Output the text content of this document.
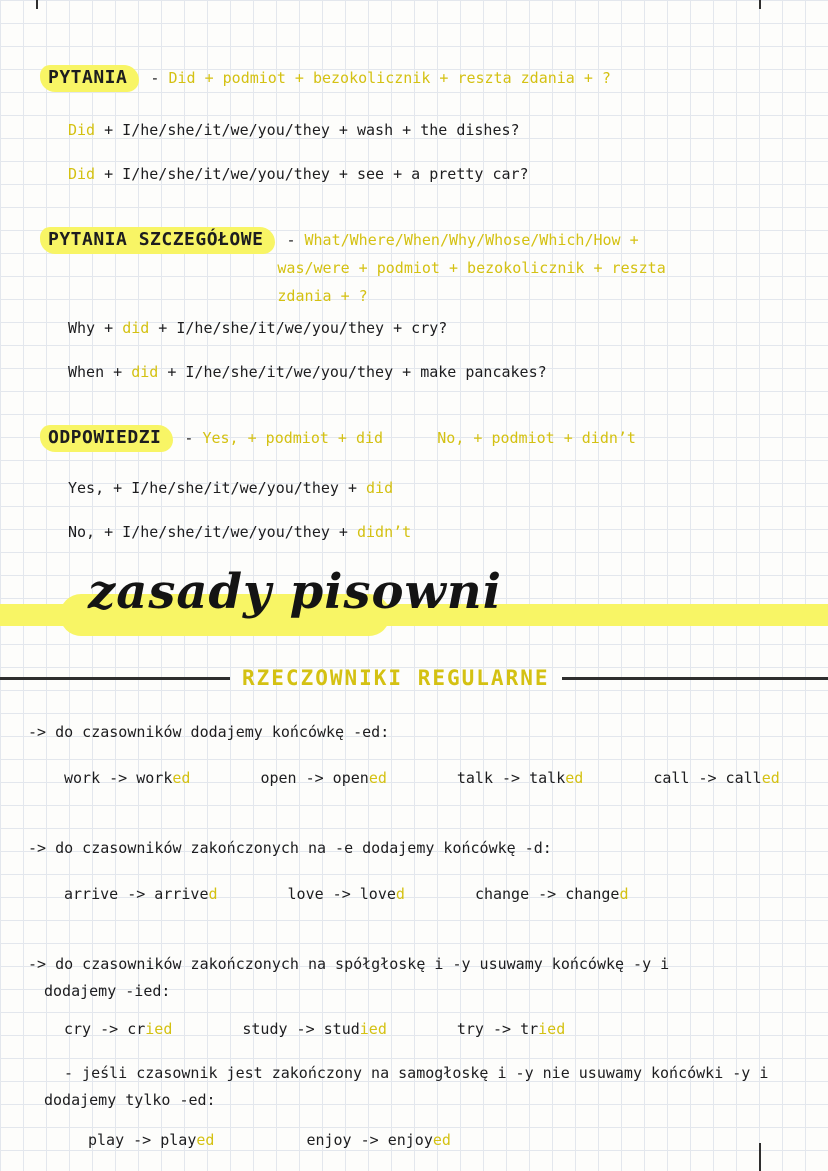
PYTANIA - Did + podmiot + bezokolicznik + reszta zdania + ?
Did + I/he/she/it/we/you/they + wash + the dishes?
Did + I/he/she/it/we/you/they + see + a pretty car?
PYTANIA SZCZEGÓŁOWE - What/Where/When/Why/Whose/Which/How +
was/were + podmiot + bezokolicznik + reszta
zdania + ?
Why + did + I/he/she/it/we/you/they + cry?
When + did + I/he/she/it/we/you/they + make pancakes?
ODPOWIEDZI - Yes, + podmiot + did	No, + podmiot + didn’t
Yes, + I/he/she/it/we/you/they + did
No, + I/he/she/it/we/you/they + didn’t
zasady pisowni
RZECZOWNIKI REGULARNE
-> do czasowników dodajemy końcówkę -ed:
work -> worked	open -> opened	talk -> talked	call -> called
-> do czasowników zakończonych na -e dodajemy końcówkę -d:
arrive -> arrived	love -> loved	change -> changed
-> do czasowników zakończonych na spółgłoskę i -y usuwamy końcówkę -y i
dodajemy -ied:
cry -> cried	study -> studied	try -> tried
- jeśli czasownik jest zakończony na samogłoskę i -y nie usuwamy końcówki -y i
dodajemy tylko -ed:
play -> played	enjoy -> enjoyed
